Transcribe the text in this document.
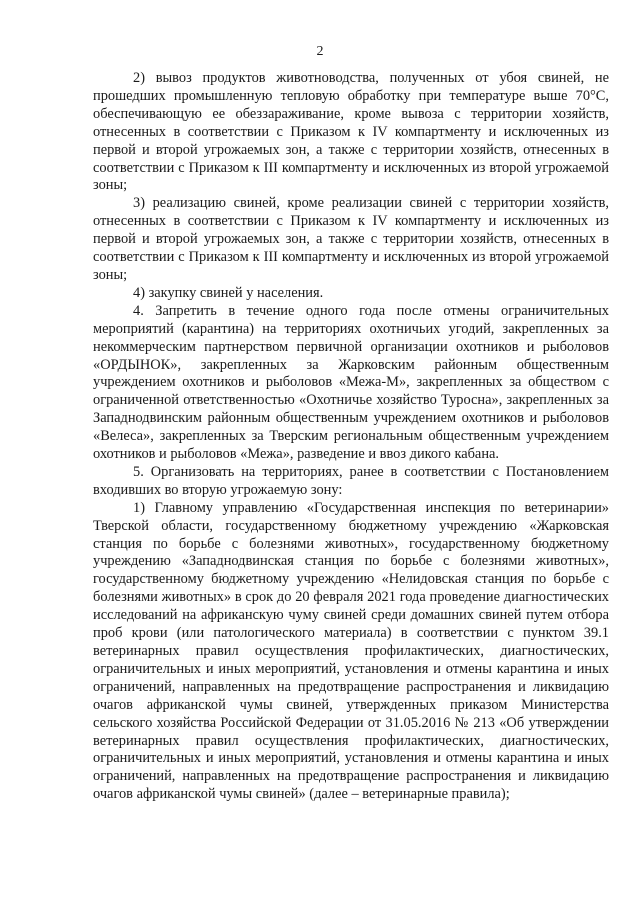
2

2) вывоз продуктов животноводства, полученных от убоя свиней, не прошедших промышленную тепловую обработку при температуре выше 70°С, обеспечивающую ее обеззараживание, кроме вывоза с территории хозяйств, отнесенных в соответствии с Приказом к IV компартменту и исключенных из первой и второй угрожаемых зон, а также с территории хозяйств, отнесенных в соответствии с Приказом к III компартменту и исключенных из второй угрожаемой зоны;

3) реализацию свиней, кроме реализации свиней с территории хозяйств, отнесенных в соответствии с Приказом к IV компартменту и исключенных из первой и второй угрожаемых зон, а также с территории хозяйств, отнесенных в соответствии с Приказом к III компартменту и исключенных из второй угрожаемой зоны;

4) закупку свиней у населения.

4. Запретить в течение одного года после отмены ограничительных мероприятий (карантина) на территориях охотничьих угодий, закрепленных за некоммерческим партнерством первичной организации охотников и рыболовов «ОРДЫНОК», закрепленных за Жарковским районным общественным учреждением охотников и рыболовов «Межа-М», закрепленных за обществом с ограниченной ответственностью «Охотничье хозяйство Туросна», закрепленных за Западнодвинским районным общественным учреждением охотников и рыболовов «Велеса», закрепленных за Тверским региональным общественным учреждением охотников и рыболовов «Межа», разведение и ввоз дикого кабана.

5. Организовать на территориях, ранее в соответствии с Постановлением входивших во вторую угрожаемую зону:

1) Главному управлению «Государственная инспекция по ветеринарии» Тверской области, государственному бюджетному учреждению «Жарковская станция по борьбе с болезнями животных», государственному бюджетному учреждению «Западнодвинская станция по борьбе с болезнями животных», государственному бюджетному учреждению «Нелидовская станция по борьбе с болезнями животных» в срок до 20 февраля 2021 года проведение диагностических исследований на африканскую чуму свиней среди домашних свиней путем отбора проб крови (или патологического материала) в соответствии с пунктом 39.1 ветеринарных правил осуществления профилактических, диагностических, ограничительных и иных мероприятий, установления и отмены карантина и иных ограничений, направленных на предотвращение распространения и ликвидацию очагов африканской чумы свиней, утвержденных приказом Министерства сельского хозяйства Российской Федерации от 31.05.2016 № 213 «Об утверждении ветеринарных правил осуществления профилактических, диагностических, ограничительных и иных мероприятий, установления и отмены карантина и иных ограничений, направленных на предотвращение распространения и ликвидацию очагов африканской чумы свиней» (далее – ветеринарные правила);
